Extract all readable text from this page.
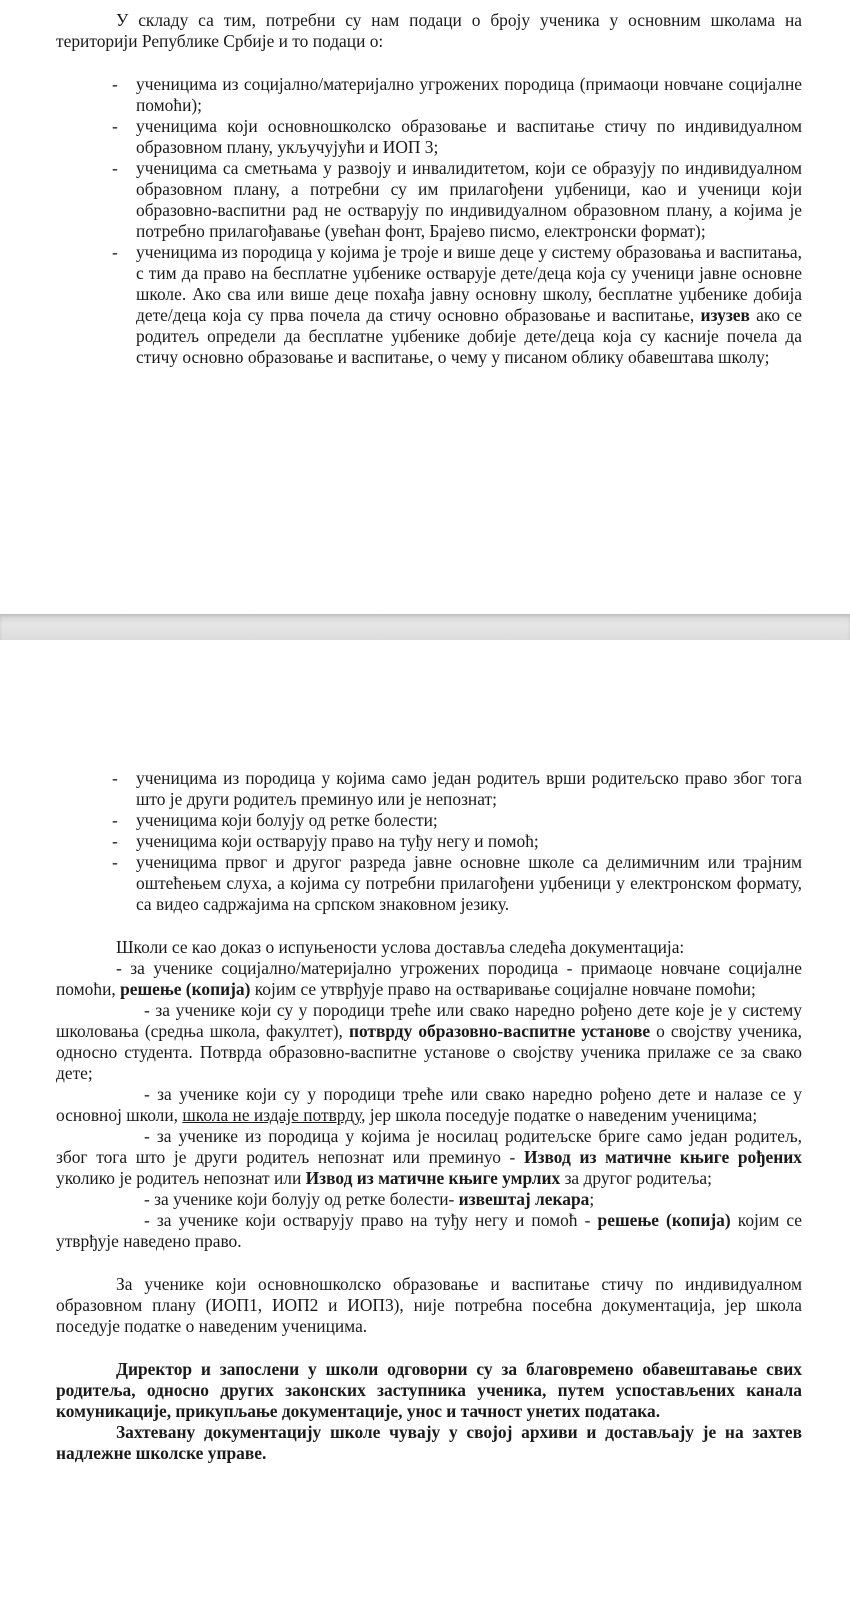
У складу са тим, потребни су нам подаци о броју ученика у основним школама на територији Републике Србије и то подаци о:

- ученицима из социјално/материјално угрожених породица (примаоци новчане социјалне помоћи);
- ученицима који основношколско образовање и васпитање стичу по индивидуалном образовном плану, укључујући и ИОП 3;
- ученицима са сметњама у развоју и инвалидитетом, који се образују по индивидуалном образовном плану, а потребни су им прилагођени уџбеници, као и ученици који образовно-васпитни рад не остварују по индивидуалном образовном плану, а којима је потребно прилагођавање (увећан фонт, Брајево писмо, електронски формат);
- ученицима из породица у којима је троје и више деце у систему образовања и васпитања, с тим да право на бесплатне уџбенике остварује дете/деца која су ученици јавне основне школе. Ако сва или више деце похађа јавну основну школу, бесплатне уџбенике добија дете/деца која су прва почела да стичу основно образовање и васпитање, изузев ако се родитељ определи да бесплатне уџбенике добије дете/деца која су касније почела да стичу основно образовање и васпитање, о чему у писаном облику обавештава школу;
- ученицима из породица у којима само један родитељ врши родитељско право због тога што је други родитељ преминуо или је непознат;
- ученицима који болују од ретке болести;
- ученицима који остварују право на туђу негу и помоћ;
- ученицима првог и другог разреда јавне основне школе са делимичним или трајним оштећењем слуха, а којима су потребни прилагођени уџбеници у електронском формату, са видео садржајима на српском знаковном језику.

Школи се као доказ о испуњености услова доставља следећа документација:

- за ученике социјално/материјално угрожених породица - примаоце новчане социјалне помоћи, решење (копија) којим се утврђује право на остваривање социјалне новчане помоћи;

- за ученике који су у породици треће или свако наредно рођено дете које је у систему школовања (средња школа, факултет), потврду образовно-васпитне установе о својству ученика, односно студента. Потврда образовно-васпитне установе о својству ученика прилаже се за свако дете;

- за ученике који су у породици треће или свако наредно рођено дете и налазе се у основној школи, школа не издаје потврду, јер школа поседује податке о наведеним ученицима;

- за ученике из породица у којима је носилац родитељске бриге само један родитељ, због тога што је други родитељ непознат или преминуо - Извод из матичне књиге рођених уколико је родитељ непознат или Извод из матичне књиге умрлих за другог родитеља;

- за ученике који болују од ретке болести- извештај лекара;

- за ученике који остварују право на туђу негу и помоћ - решење (копија) којим се утврђује наведено право.

За ученике који основношколско образовање и васпитање стичу по индивидуалном образовном плану (ИОП1, ИОП2 и ИОП3), није потребна посебна документација, јер школа поседује податке о наведеним ученицима.

Директор и запослени у школи одговорни су за благовремено обавештавање свих родитеља, односно других законских заступника ученика, путем успостављених канала комуникације, прикупљање документације, унос и тачност унетих података.

Захтевану документацију школе чувају у својој архиви и достављају је на захтев надлежне школске управе.
